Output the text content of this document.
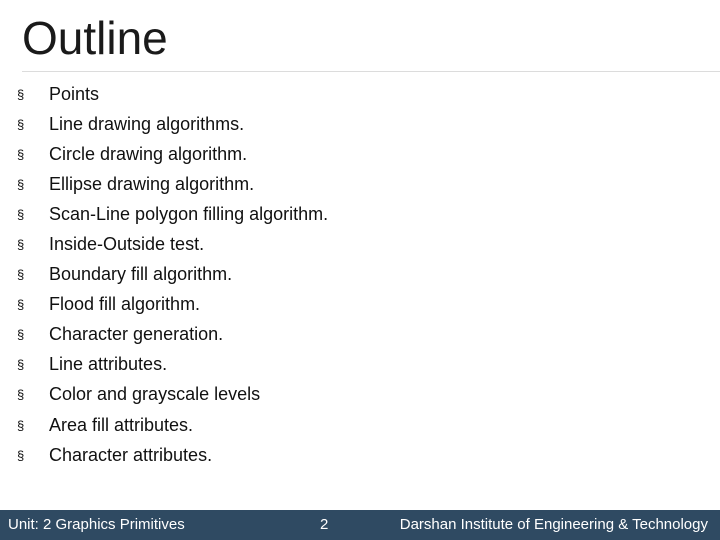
Outline
§	Points
§	Line drawing algorithms.
§	Circle drawing algorithm.
§	Ellipse drawing algorithm.
§	Scan-Line polygon filling algorithm.
§	Inside-Outside test.
§	Boundary fill algorithm.
§	Flood fill algorithm.
§	Character generation.
§	Line attributes.
§	Color and grayscale levels
§	Area fill attributes.
§	Character attributes.
Unit: 2 Graphics Primitives	2	Darshan Institute of Engineering & Technology
